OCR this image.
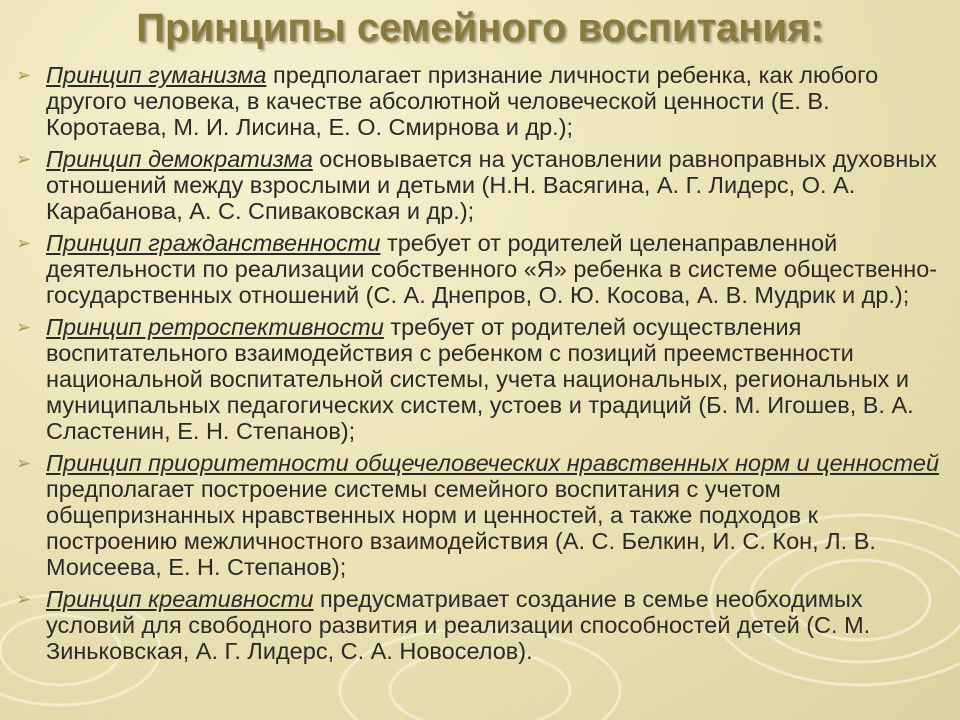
Принципы семейного воспитания:
➢ Принцип гуманизма предполагает признание личности ребенка, как любого другого человека, в качестве абсолютной человеческой ценности (Е. В. Коротаева, М. И. Лисина, Е. О. Смирнова и др.);
➢ Принцип демократизма основывается на установлении равноправных духовных отношений между взрослыми и детьми (Н.Н. Васягина, А. Г. Лидерс, О. А. Карабанова, А. С. Спиваковская и др.);
➢ Принцип гражданственности требует от родителей целенаправленной деятельности по реализации собственного «Я» ребенка в системе общественно-государственных отношений (С. А. Днепров, О. Ю. Косова, А. В. Мудрик и др.);
➢ Принцип ретроспективности требует от родителей осуществления воспитательного взаимодействия с ребенком с позиций преемственности национальной воспитательной системы, учета национальных, региональных и муниципальных педагогических систем, устоев и традиций (Б. М. Игошев, В. А. Сластенин, Е. Н. Степанов);
➢ Принцип приоритетности общечеловеческих нравственных норм и ценностей предполагает построение системы семейного воспитания с учетом общепризнанных нравственных норм и ценностей, а также подходов к построению межличностного взаимодействия (А. С. Белкин, И. С. Кон, Л. В. Моисеева, Е. Н. Степанов);
➢ Принцип креативности предусматривает создание в семье необходимых условий для свободного развития и реализации способностей детей (С. М. Зиньковская, А. Г. Лидерс, С. А. Новоселов).
